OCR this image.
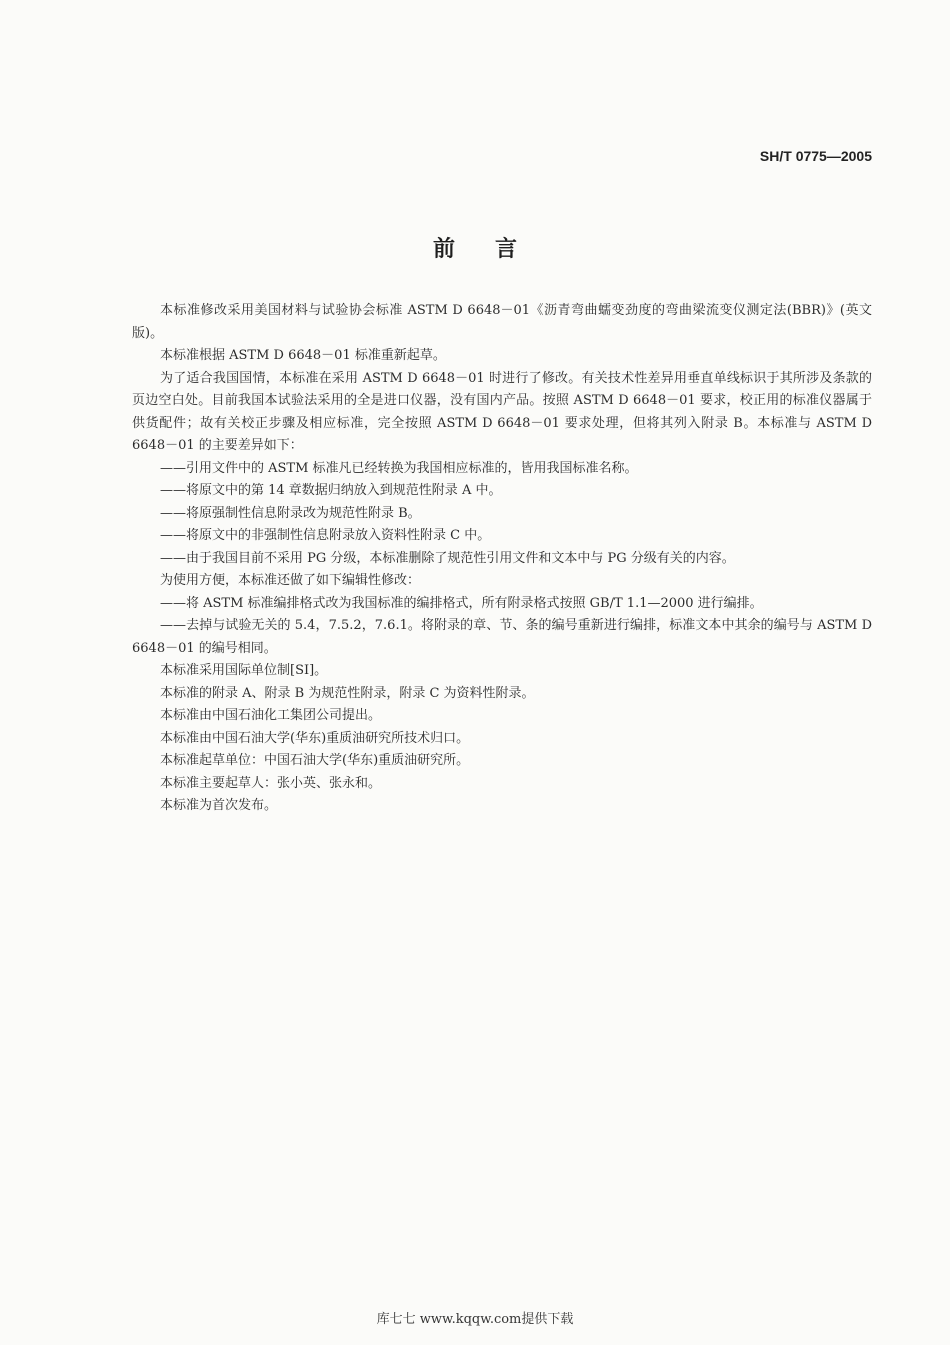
SH/T 0775—2005
前言

本标准修改采用美国材料与试验协会标准 ASTM D 6648－01《沥青弯曲蠕变劲度的弯曲梁流变仪测定法(BBR)》(英文版)。

本标准根据 ASTM D 6648－01 标准重新起草。

为了适合我国国情，本标准在采用 ASTM D 6648－01 时进行了修改。有关技术性差异用垂直单线标识于其所涉及条款的页边空白处。目前我国本试验法采用的全是进口仪器，没有国内产品。按照 ASTM D 6648－01 要求，校正用的标准仪器属于供货配件；故有关校正步骤及相应标准，完全按照 ASTM D 6648－01 要求处理，但将其列入附录 B。本标准与 ASTM D 6648－01 的主要差异如下：

——引用文件中的 ASTM 标准凡已经转换为我国相应标准的，皆用我国标准名称。

——将原文中的第 14 章数据归纳放入到规范性附录 A 中。

——将原强制性信息附录改为规范性附录 B。

——将原文中的非强制性信息附录放入资料性附录 C 中。

——由于我国目前不采用 PG 分级，本标准删除了规范性引用文件和文本中与 PG 分级有关的内容。

为使用方便，本标准还做了如下编辑性修改：

——将 ASTM 标准编排格式改为我国标准的编排格式，所有附录格式按照 GB/T 1.1—2000 进行编排。

——去掉与试验无关的 5.4，7.5.2，7.6.1。将附录的章、节、条的编号重新进行编排，标准文本中其余的编号与 ASTM D 6648－01 的编号相同。

本标准采用国际单位制[SI]。

本标准的附录 A、附录 B 为规范性附录，附录 C 为资料性附录。

本标准由中国石油化工集团公司提出。

本标准由中国石油大学(华东)重质油研究所技术归口。

本标准起草单位：中国石油大学(华东)重质油研究所。

本标准主要起草人：张小英、张永和。

本标准为首次发布。

库七七 www.kqqw.com提供下载
